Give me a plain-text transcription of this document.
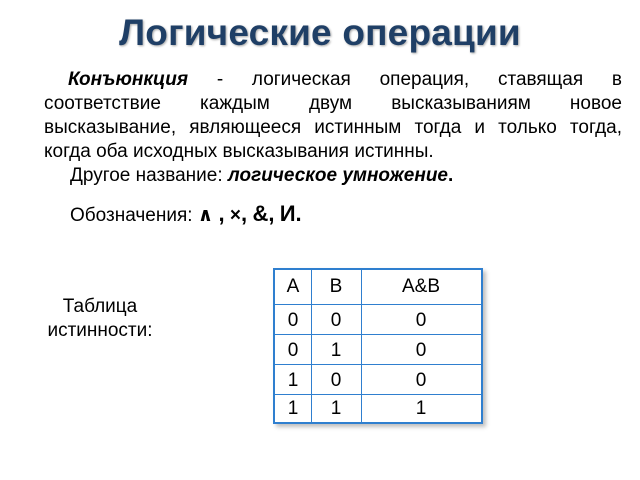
Логические операции
Конъюнкция - логическая операция, ставящая в соответствие каждым двум высказываниям новое высказывание, являющееся истинным тогда и только тогда, когда оба исходных высказывания истинны.
Другое название: логическое умножение.
Обозначения: ∧ , ×, &, И.
Таблица истинности:
A	B	A&B
0	0	0
0	1	0
1	0	0
1	1	1
